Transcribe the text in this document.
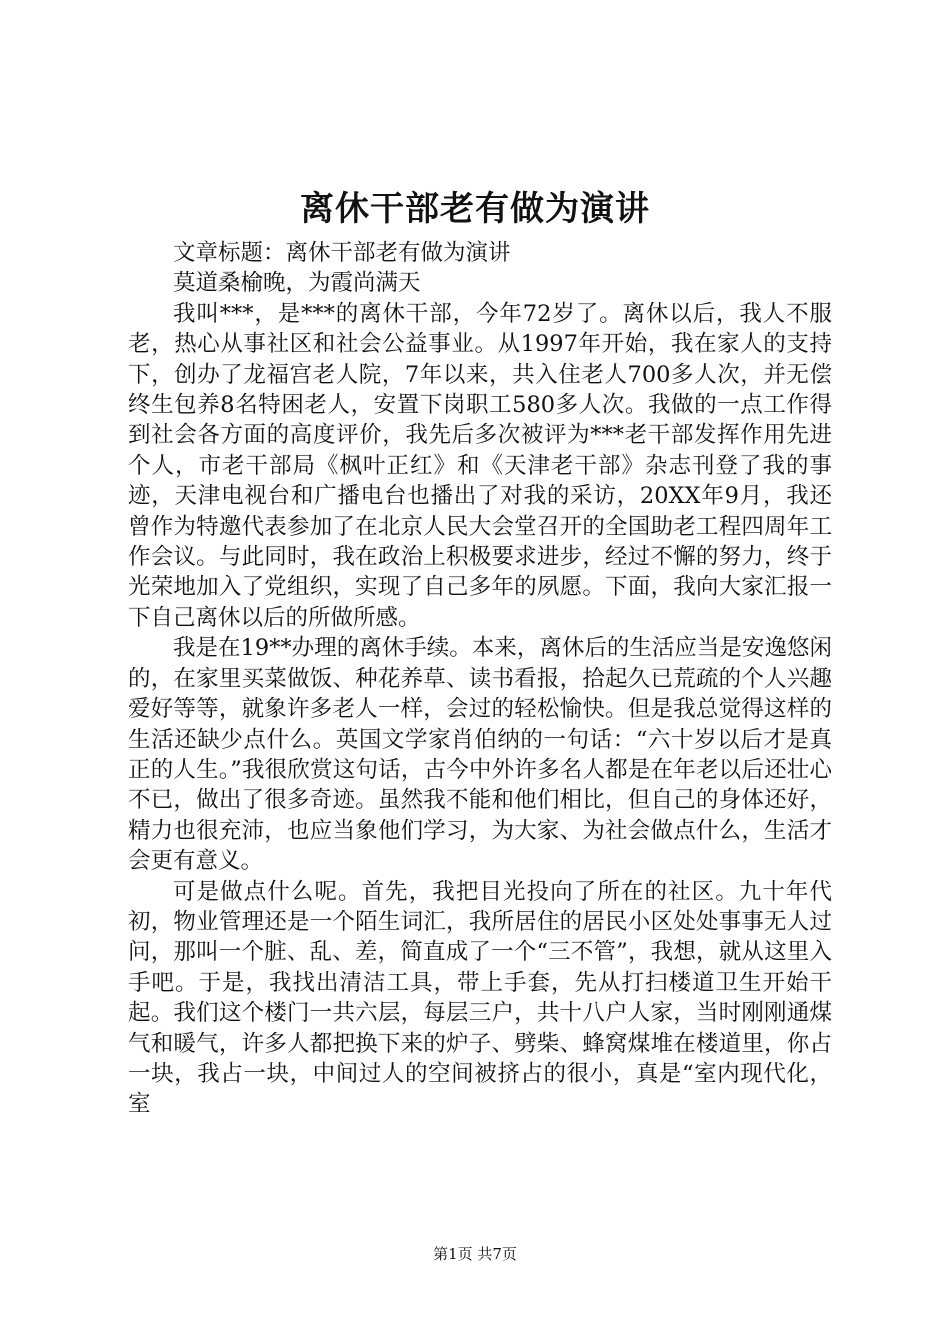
离休干部老有做为演讲

文章标题：离休干部老有做为演讲

莫道桑榆晚，为霞尚满天

我叫***，是***的离休干部，今年72岁了。离休以后，我人不服老，热心从事社区和社会公益事业。从1997年开始，我在家人的支持下，创办了龙福宫老人院，7年以来，共入住老人700多人次，并无偿终生包养8名特困老人，安置下岗职工580多人次。我做的一点工作得到社会各方面的高度评价，我先后多次被评为***老干部发挥作用先进个人，市老干部局《枫叶正红》和《天津老干部》杂志刊登了我的事迹，天津电视台和广播电台也播出了对我的采访，20XX年9月，我还曾作为特邀代表参加了在北京人民大会堂召开的全国助老工程四周年工作会议。与此同时，我在政治上积极要求进步，经过不懈的努力，终于光荣地加入了党组织，实现了自己多年的夙愿。下面，我向大家汇报一下自己离休以后的所做所感。

我是在19**办理的离休手续。本来，离休后的生活应当是安逸悠闲的，在家里买菜做饭、种花养草、读书看报，拾起久已荒疏的个人兴趣爱好等等，就象许多老人一样，会过的轻松愉快。但是我总觉得这样的生活还缺少点什么。英国文学家肖伯纳的一句话：“六十岁以后才是真正的人生。”我很欣赏这句话，古今中外许多名人都是在年老以后还壮心不已，做出了很多奇迹。虽然我不能和他们相比，但自己的身体还好，精力也很充沛，也应当象他们学习，为大家、为社会做点什么，生活才会更有意义。

可是做点什么呢。首先，我把目光投向了所在的社区。九十年代初，物业管理还是一个陌生词汇，我所居住的居民小区处处事事无人过问，那叫一个脏、乱、差，简直成了一个“三不管”，我想，就从这里入手吧。于是，我找出清洁工具，带上手套，先从打扫楼道卫生开始干起。我们这个楼门一共六层，每层三户，共十八户人家，当时刚刚通煤气和暖气，许多人都把换下来的炉子、劈柴、蜂窝煤堆在楼道里，你占一块，我占一块，中间过人的空间被挤占的很小，真是“室内现代化，室

第1页 共7页
